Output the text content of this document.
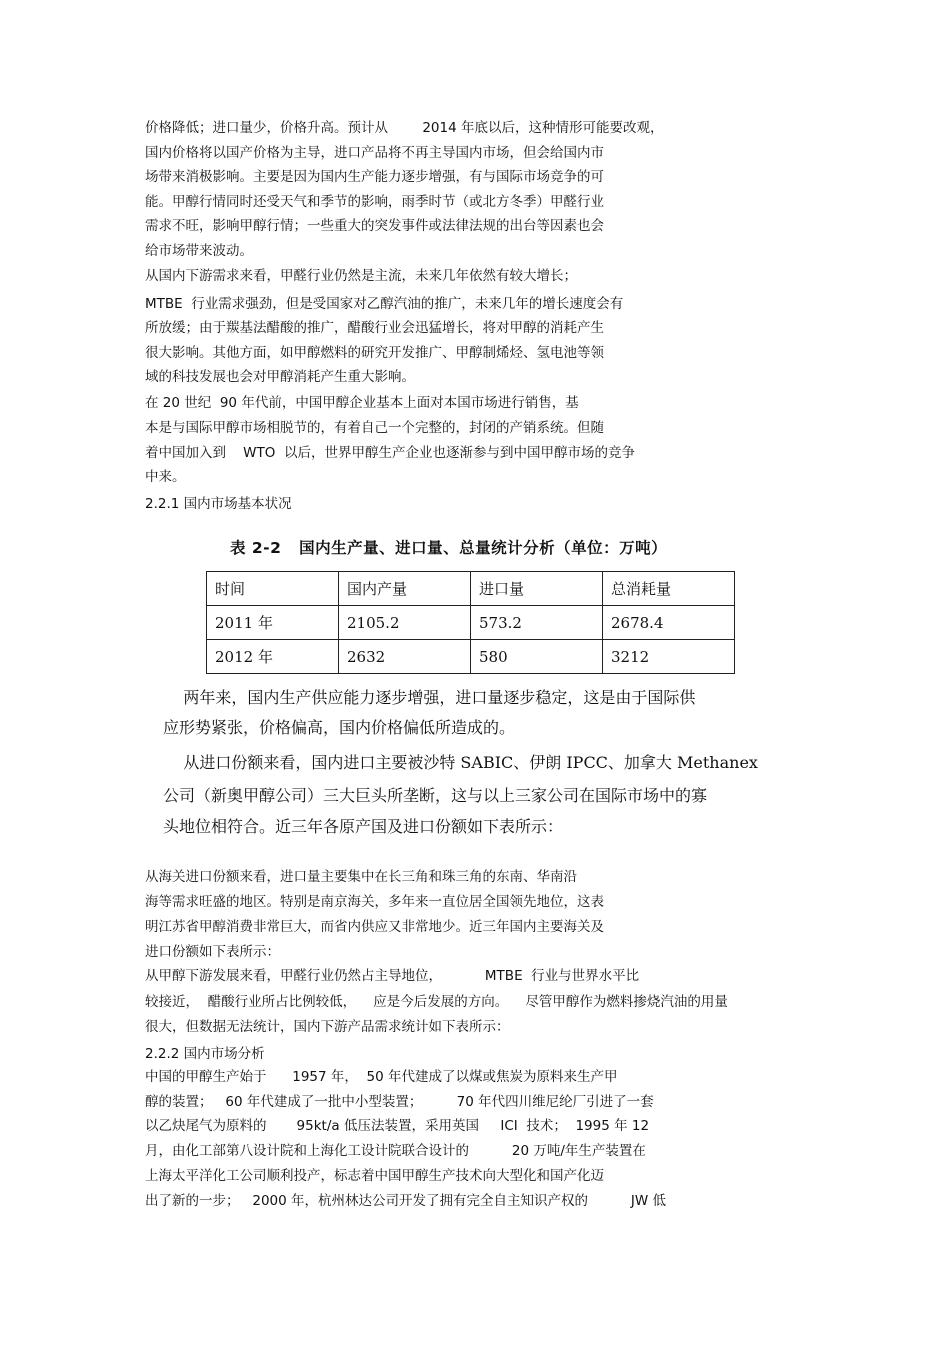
价格降低；进口量少，价格升高。预计从        2014 年底以后，这种情形可能要改观，
国内价格将以国产价格为主导，进口产品将不再主导国内市场，但会给国内市
场带来消极影响。主要是因为国内生产能力逐步增强，有与国际市场竞争的可
能。甲醇行情同时还受天气和季节的影响，雨季时节（或北方冬季）甲醛行业
需求不旺，影响甲醇行情；一些重大的突发事件或法律法规的出台等因素也会
给市场带来波动。
从国内下游需求来看，甲醛行业仍然是主流，未来几年依然有较大增长；
MTBE  行业需求强劲，但是受国家对乙醇汽油的推广，未来几年的增长速度会有
所放缓；由于羰基法醋酸的推广，醋酸行业会迅猛增长，将对甲醇的消耗产生
很大影响。其他方面，如甲醇燃料的研究开发推广、甲醇制烯烃、氢电池等领
域的科技发展也会对甲醇消耗产生重大影响。
在 20 世纪  90 年代前，中国甲醇企业基本上面对本国市场进行销售，基
本是与国际甲醇市场相脱节的，有着自己一个完整的，封闭的产销系统。但随
着中国加入到    WTO  以后，世界甲醇生产企业也逐渐参与到中国甲醇市场的竞争
中来。
2.2.1 国内市场基本状况
表 2-2   国内生产量、进口量、总量统计分析（单位：万吨）
时间	国内产量	进口量	总消耗量
2011 年	2105.2	573.2	2678.4
2012 年	2632	580	3212
两年来，国内生产供应能力逐步增强，进口量逐步稳定，这是由于国际供
应形势紧张，价格偏高，国内价格偏低所造成的。
从进口份额来看，国内进口主要被沙特 SABIC、伊朗 IPCC、加拿大 Methanex
公司（新奥甲醇公司）三大巨头所垄断，这与以上三家公司在国际市场中的寡
头地位相符合。近三年各原产国及进口份额如下表所示：
从海关进口份额来看，进口量主要集中在长三角和珠三角的东南、华南沿
海等需求旺盛的地区。特别是南京海关，多年来一直位居全国领先地位，这表
明江苏省甲醇消费非常巨大，而省内供应又非常地少。近三年国内主要海关及
进口份额如下表所示：
从甲醇下游发展来看，甲醛行业仍然占主导地位，          MTBE  行业与世界水平比
较接近，  醋酸行业所占比例较低，    应是今后发展的方向。    尽管甲醇作为燃料掺烧汽油的用量
很大，但数据无法统计，国内下游产品需求统计如下表所示：
2.2.2 国内市场分析
中国的甲醇生产始于      1957 年，  50 年代建成了以煤或焦炭为原料来生产甲
醇的装置；   60 年代建成了一批中小型装置；        70 年代四川维尼纶厂引进了一套
以乙炔尾气为原料的       95kt/a 低压法装置，采用英国     ICI  技术；  1995 年 12
月，由化工部第八设计院和上海化工设计院联合设计的          20 万吨/年生产装置在
上海太平洋化工公司顺利投产，标志着中国甲醇生产技术向大型化和国产化迈
出了新的一步；   2000 年，杭州林达公司开发了拥有完全自主知识产权的          JW 低
